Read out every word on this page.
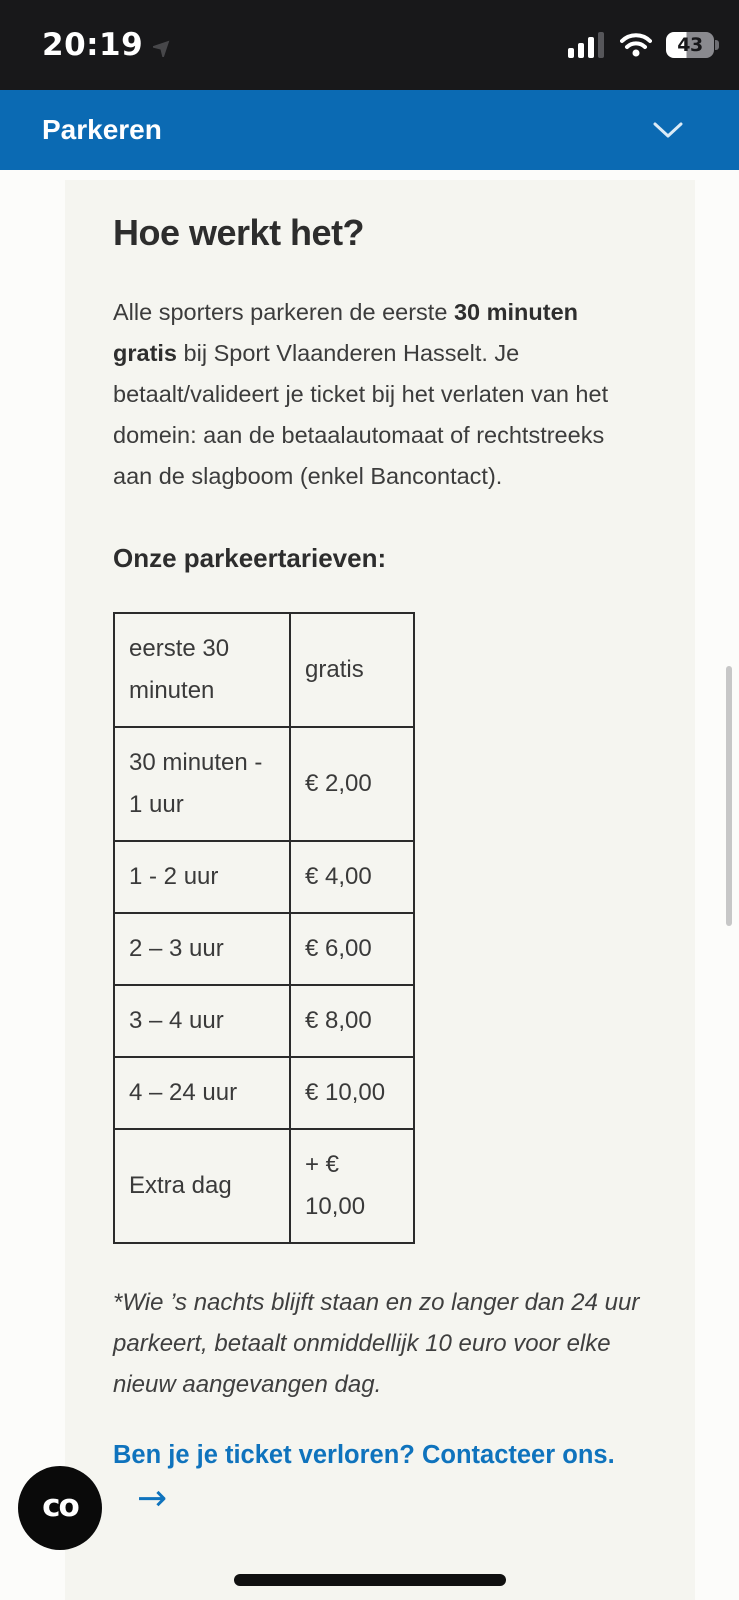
20:19	43
Parkeren
Hoe werkt het?

Alle sporters parkeren de eerste 30 minuten gratis bij Sport Vlaanderen Hasselt. Je betaalt/valideert je ticket bij het verlaten van het domein: aan de betaalautomaat of rechtstreeks aan de slagboom (enkel Bancontact).

Onze parkeertarieven:
eerste 30 minuten	gratis
30 minuten - 1 uur	€ 2,00
1 - 2 uur	€ 4,00
2 – 3 uur	€ 6,00
3 – 4 uur	€ 8,00
4 – 24 uur	€ 10,00
Extra dag	+ € 10,00

*Wie ’s nachts blijft staan en zo langer dan 24 uur parkeert, betaalt onmiddellijk 10 euro voor elke nieuw aangevangen dag.

Ben je je ticket verloren? Contacteer ons.
→
co
